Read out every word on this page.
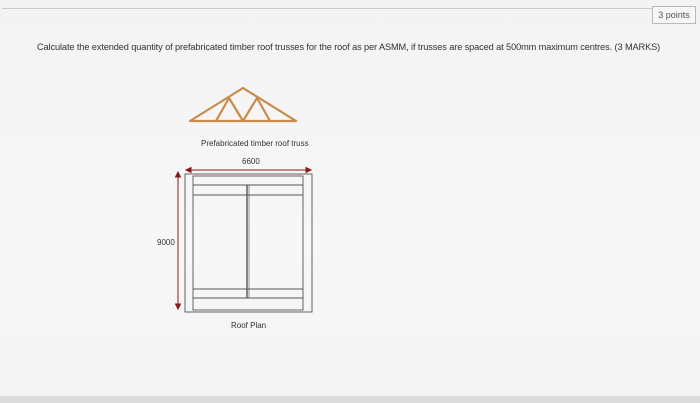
3 points
Calculate the extended quantity of prefabricated timber roof trusses for the roof as per ASMM, if trusses are spaced at 500mm maximum centres. (3 MARKS)
Prefabricated timber roof truss
6600
9000
Roof Plan
